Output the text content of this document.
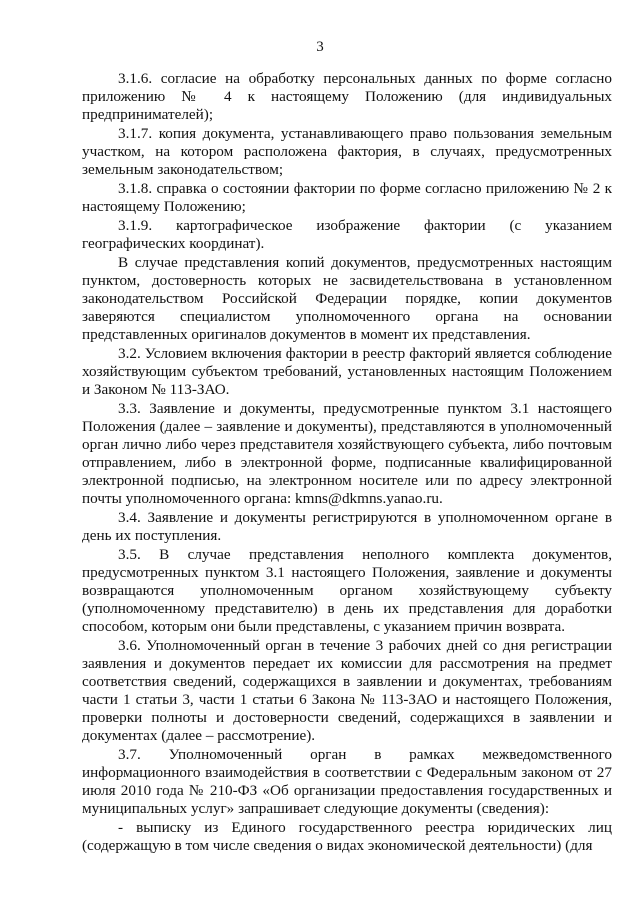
3

3.1.6. согласие на обработку персональных данных по форме согласно приложению № 4 к настоящему Положению (для индивидуальных предпринимателей);

3.1.7. копия документа, устанавливающего право пользования земельным участком, на котором расположена фактория, в случаях, предусмотренных земельным законодательством;

3.1.8. справка о состоянии фактории по форме согласно приложению № 2 к настоящему Положению;

3.1.9. картографическое изображение фактории (с указанием географических координат).

В случае представления копий документов, предусмотренных настоящим пунктом, достоверность которых не засвидетельствована в установленном законодательством Российской Федерации порядке, копии документов заверяются специалистом уполномоченного органа на основании представленных оригиналов документов в момент их представления.

3.2. Условием включения фактории в реестр факторий является соблюдение хозяйствующим субъектом требований, установленных настоящим Положением и Законом № 113-ЗАО.

3.3. Заявление и документы, предусмотренные пунктом 3.1 настоящего Положения (далее – заявление и документы), представляются в уполномоченный орган лично либо через представителя хозяйствующего субъекта, либо почтовым отправлением, либо в электронной форме, подписанные квалифицированной электронной подписью, на электронном носителе или по адресу электронной почты уполномоченного органа: kmns@dkmns.yanao.ru.

3.4. Заявление и документы регистрируются в уполномоченном органе в день их поступления.

3.5. В случае представления неполного комплекта документов, предусмотренных пунктом 3.1 настоящего Положения, заявление и документы возвращаются уполномоченным органом хозяйствующему субъекту (уполномоченному представителю) в день их представления для доработки способом, которым они были представлены, с указанием причин возврата.

3.6. Уполномоченный орган в течение 3 рабочих дней со дня регистрации заявления и документов передает их комиссии для рассмотрения на предмет соответствия сведений, содержащихся в заявлении и документах, требованиям части 1 статьи 3, части 1 статьи 6 Закона № 113-ЗАО и настоящего Положения, проверки полноты и достоверности сведений, содержащихся в заявлении и документах (далее – рассмотрение).

3.7. Уполномоченный орган в рамках межведомственного информационного взаимодействия в соответствии с Федеральным законом от 27 июля 2010 года № 210-ФЗ «Об организации предоставления государственных и муниципальных услуг» запрашивает следующие документы (сведения):

- выписку из Единого государственного реестра юридических лиц (содержащую в том числе сведения о видах экономической деятельности) (для
